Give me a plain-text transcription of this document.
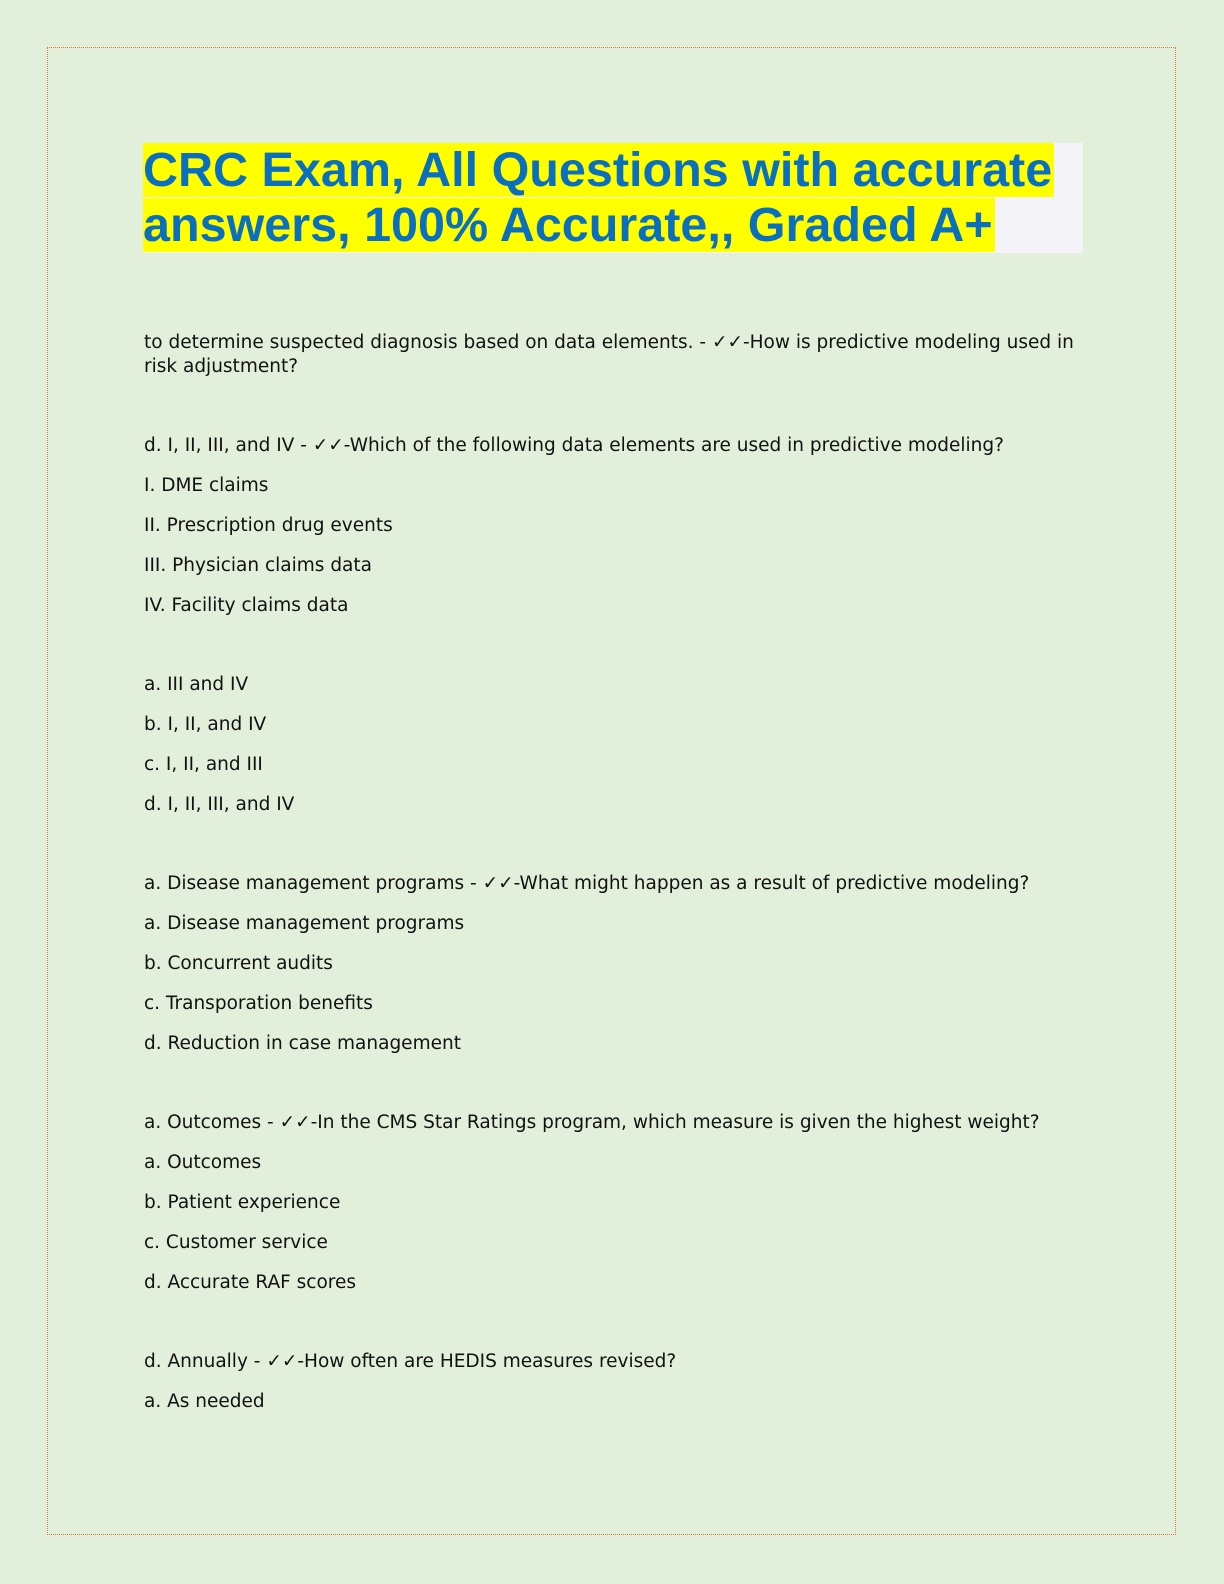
CRC Exam, All Questions with accurate
answers, 100% Accurate,, Graded A+
to determine suspected diagnosis based on data elements. - ✓✓-How is predictive modeling used in risk adjustment?
d. I, II, III, and IV - ✓✓-Which of the following data elements are used in predictive modeling?
I. DME claims
II. Prescription drug events
III. Physician claims data
IV. Facility claims data
a. III and IV
b. I, II, and IV
c. I, II, and III
d. I, II, III, and IV
a. Disease management programs - ✓✓-What might happen as a result of predictive modeling?
a. Disease management programs
b. Concurrent audits
c. Transporation benefits
d. Reduction in case management
a. Outcomes - ✓✓-In the CMS Star Ratings program, which measure is given the highest weight?
a. Outcomes
b. Patient experience
c. Customer service
d. Accurate RAF scores
d. Annually - ✓✓-How often are HEDIS measures revised?
a. As needed
